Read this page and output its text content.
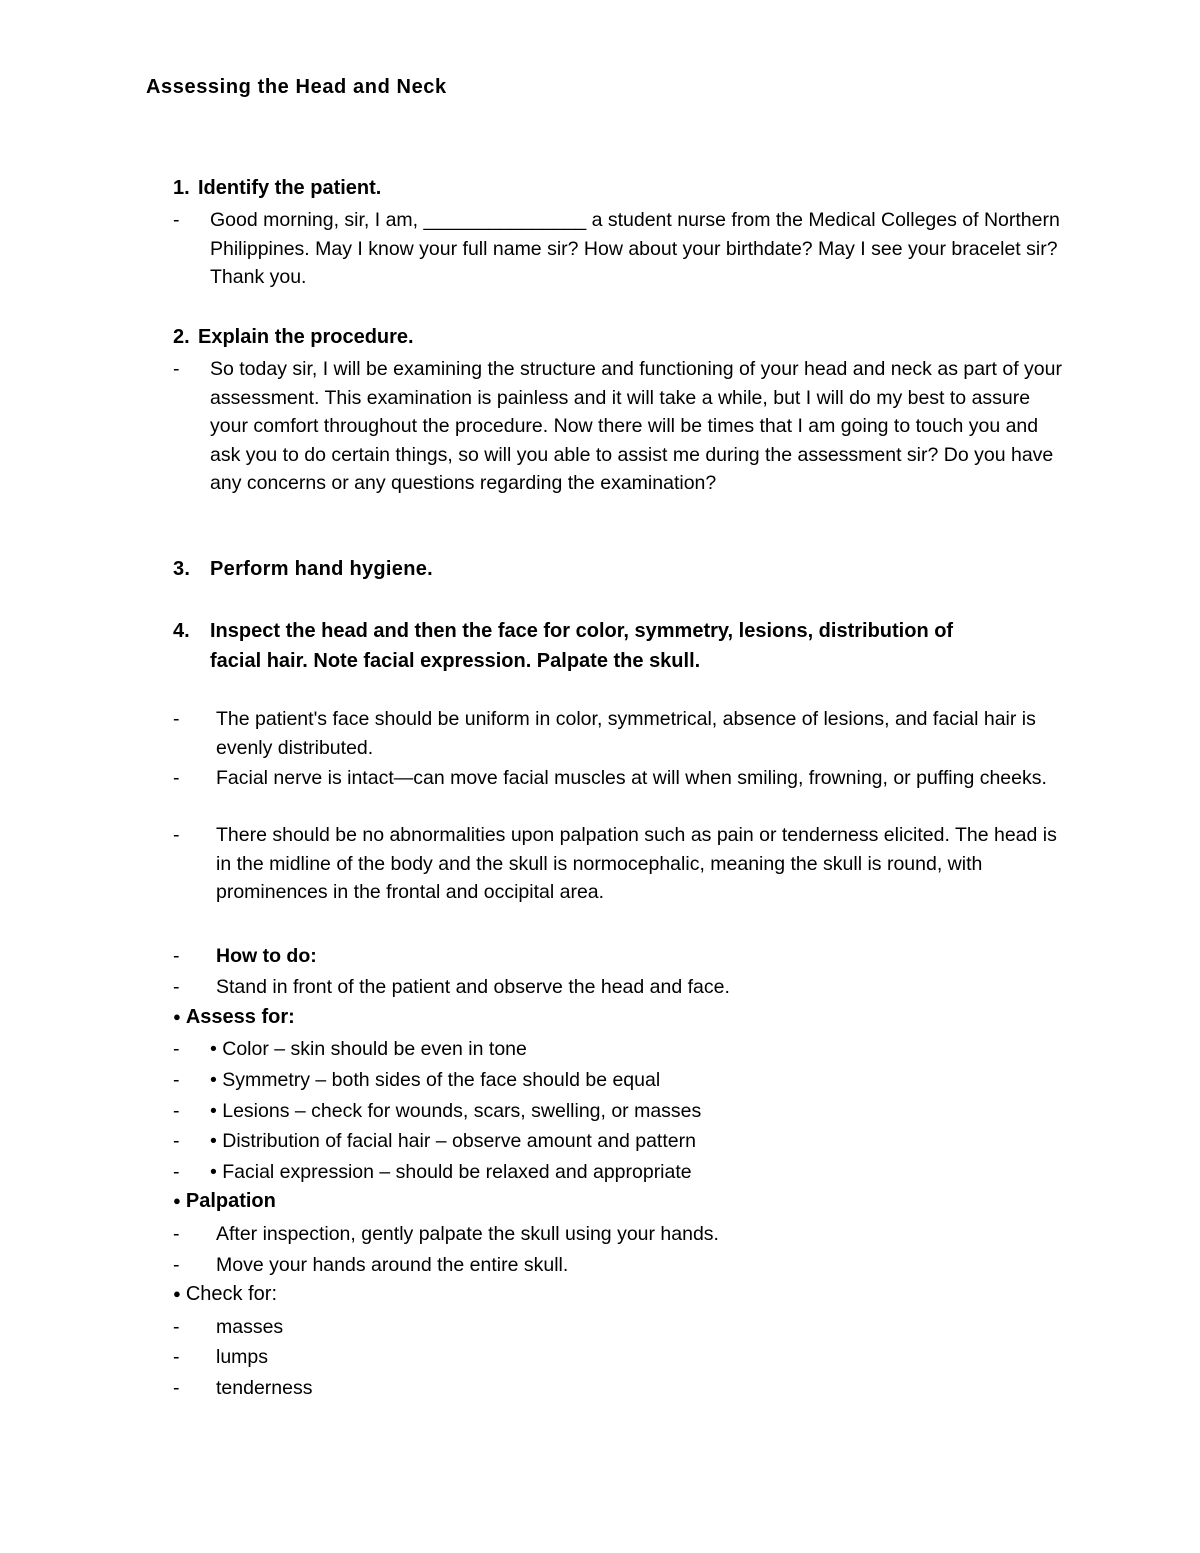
Assessing the Head and Neck
1. Identify the patient.
-	Good morning, sir, I am, _______________ a student nurse from the Medical Colleges of Northern Philippines. May I know your full name sir? How about your birthdate? May I see your bracelet sir? Thank you.
2. Explain the procedure.
-	So today sir, I will be examining the structure and functioning of your head and neck as part of your assessment. This examination is painless and it will take a while, but I will do my best to assure your comfort throughout the procedure. Now there will be times that I am going to touch you and ask you to do certain things, so will you able to assist me during the assessment sir? Do you have any concerns or any questions regarding the examination?
3. Perform hand hygiene.
4. Inspect the head and then the face for color, symmetry, lesions, distribution of
facial hair. Note facial expression. Palpate the skull.
-	The patient's face should be uniform in color, symmetrical, absence of lesions, and facial hair is evenly distributed.
-	Facial nerve is intact—can move facial muscles at will when smiling, frowning, or puffing cheeks.
-	There should be no abnormalities upon palpation such as pain or tenderness elicited. The head is in the midline of the body and the skull is normocephalic, meaning the skull is round, with prominences in the frontal and occipital area.
-	How to do:
-	Stand in front of the patient and observe the head and face.
● Assess for:
-	• Color – skin should be even in tone
-	• Symmetry – both sides of the face should be equal
-	• Lesions – check for wounds, scars, swelling, or masses
-	• Distribution of facial hair – observe amount and pattern
-	• Facial expression – should be relaxed and appropriate
● Palpation
-	After inspection, gently palpate the skull using your hands.
-	Move your hands around the entire skull.
● Check for:
-	masses
-	lumps
-	tenderness
